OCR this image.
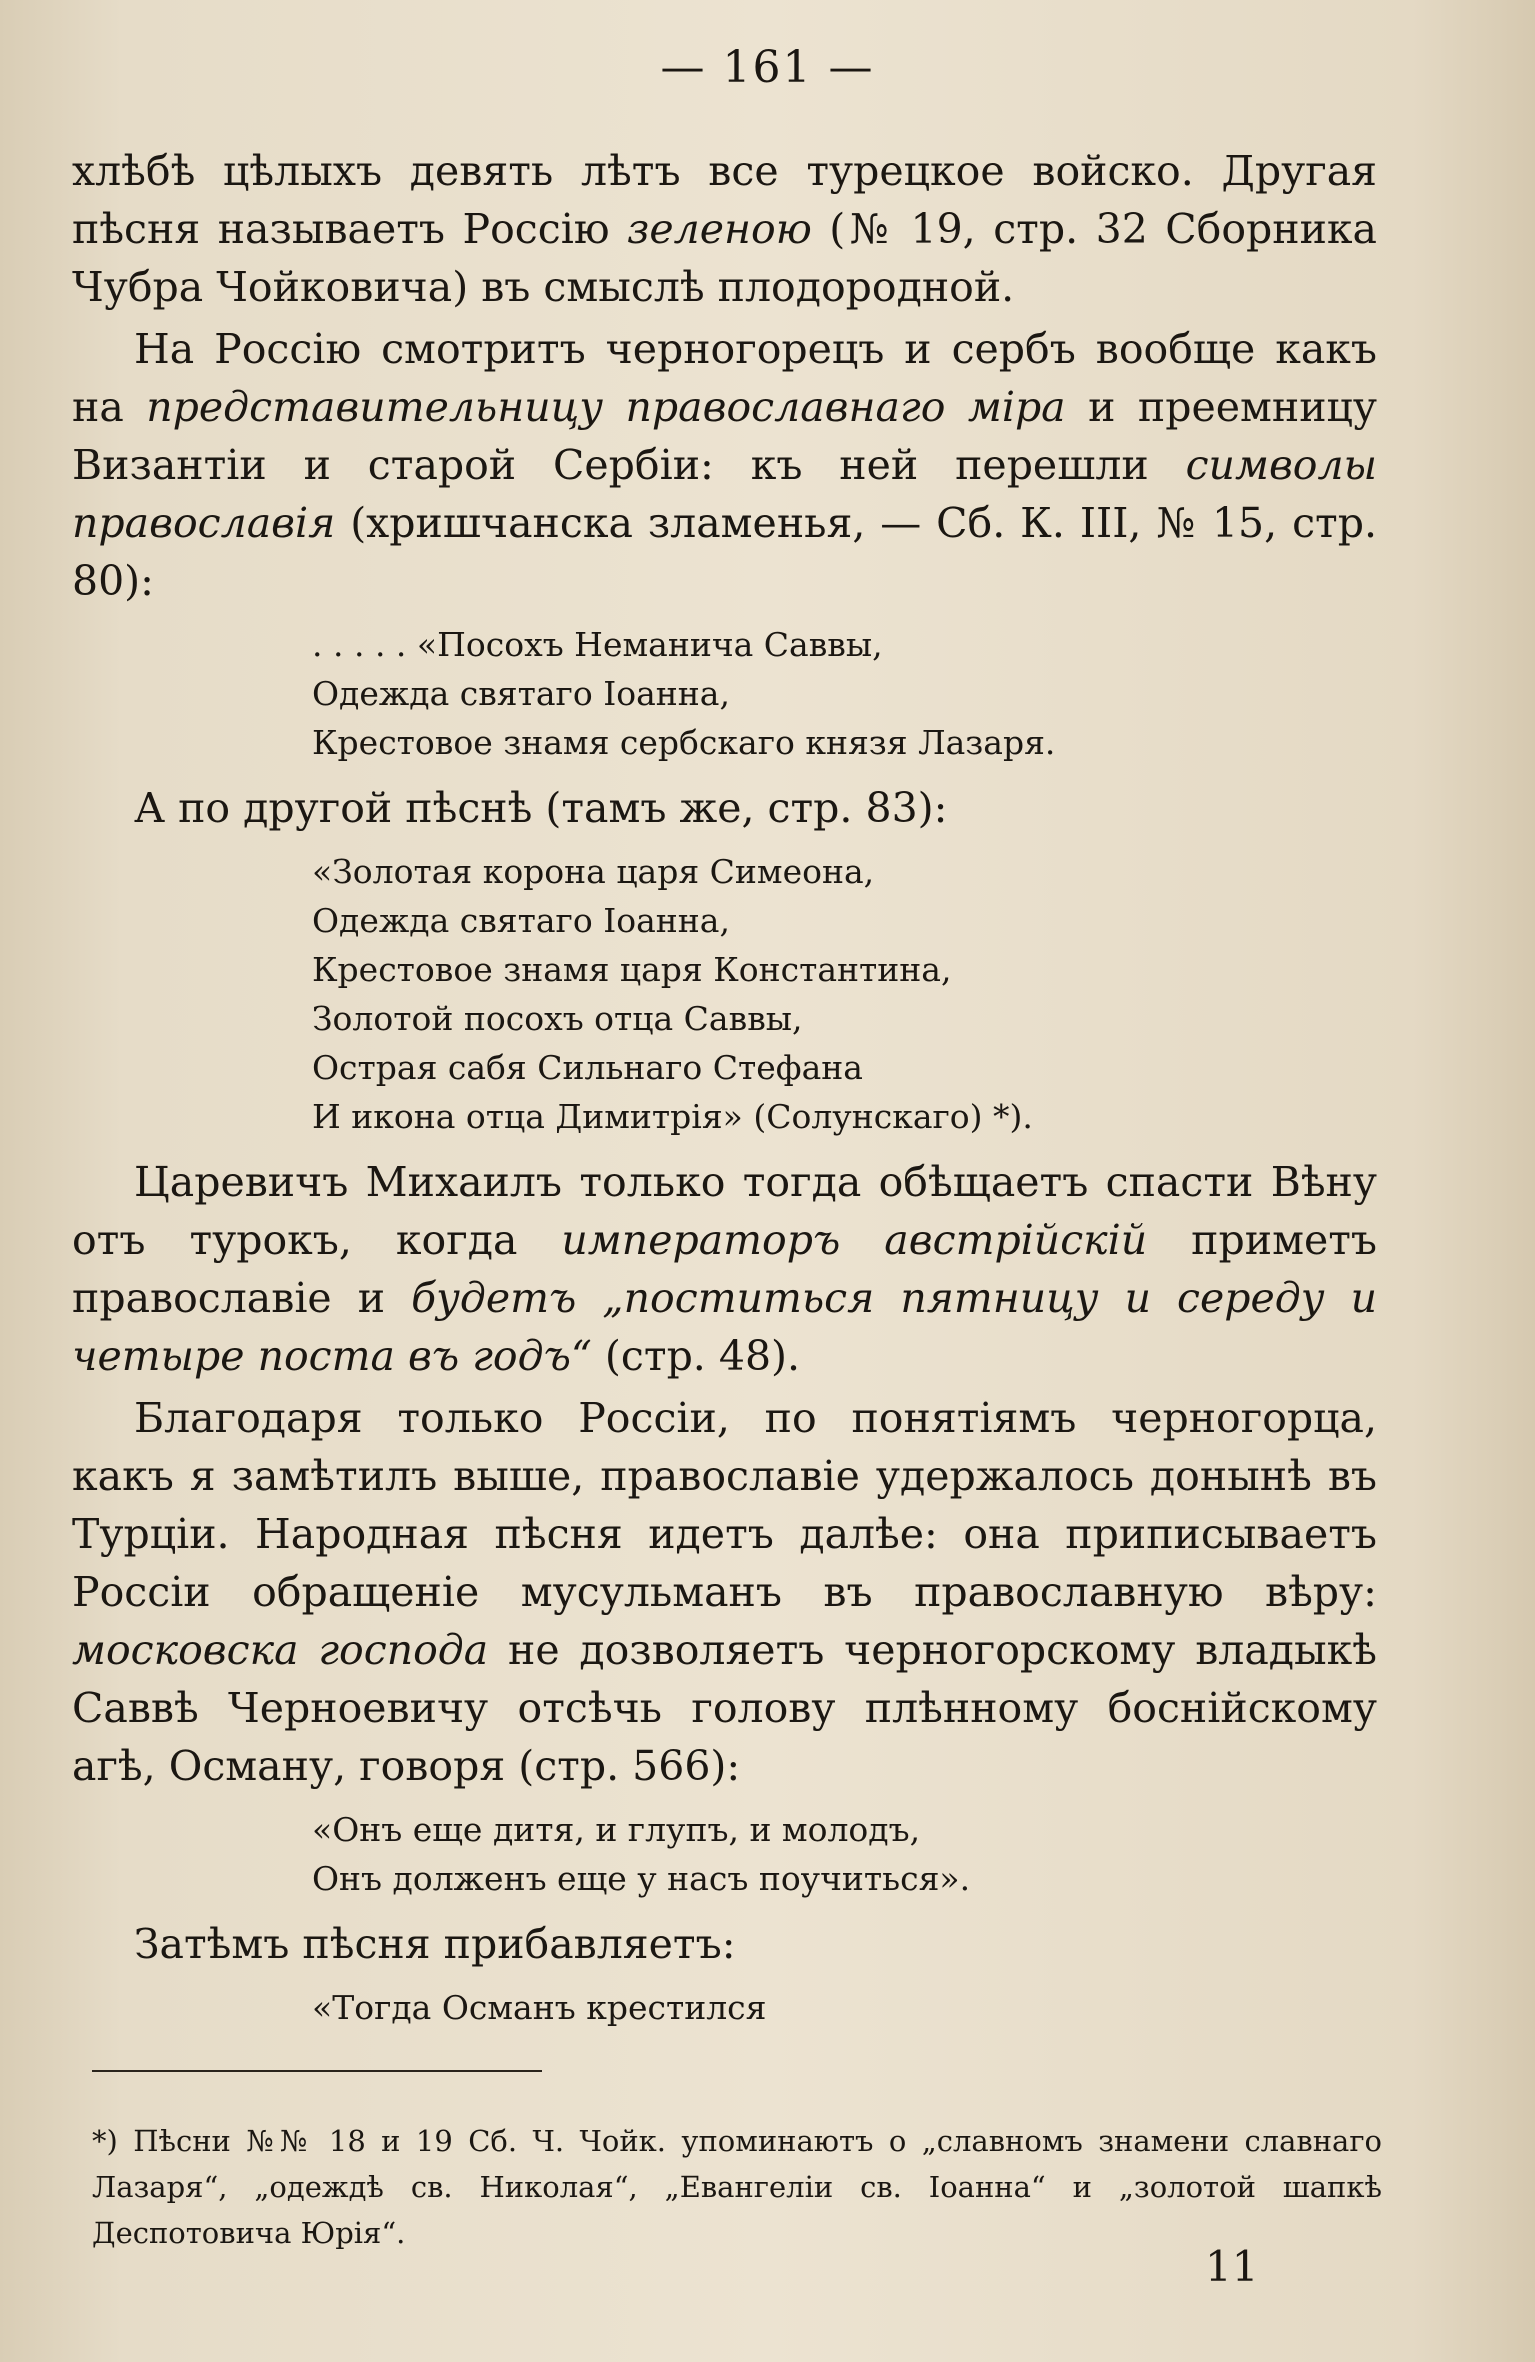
— 161 —

хлѣбѣ цѣлыхъ девять лѣтъ все турецкое войско. Другая пѣсня называетъ Россію зеленою (№ 19, стр. 32 Сборника Чубра Чойковича) въ смыслѣ плодородной.

На Россію смотритъ черногорецъ и сербъ вообще какъ на представительницу православнаго міра и преемницу Византіи и старой Сербіи: къ ней перешли символы православія (хришчанска зламенья, — Сб. К. III, № 15, стр. 80):

. . . . . «Посохъ Неманича Саввы,
Одежда святаго Іоанна,
Крестовое знамя сербскаго князя Лазаря.

А по другой пѣснѣ (тамъ же, стр. 83):

«Золотая корона царя Симеона,
Одежда святаго Іоанна,
Крестовое знамя царя Константина,
Золотой посохъ отца Саввы,
Острая сабя Сильнаго Стефана
И икона отца Димитрія» (Солунскаго) *).

Царевичъ Михаилъ только тогда обѣщаетъ спасти Вѣну отъ турокъ, когда императоръ австрійскій приметъ православіе и будетъ „поститься пятницу и середу и четыре поста въ годъ“ (стр. 48).

Благодаря только Россіи, по понятіямъ черногорца, какъ я замѣтилъ выше, православіе удержалось донынѣ въ Турціи. Народная пѣсня идетъ далѣе: она приписываетъ Россіи обращеніе мусульманъ въ православную вѣру: московска господа не дозволяетъ черногорскому владыкѣ Саввѣ Черноевичу отсѣчь голову плѣнному боснійскому агѣ, Осману, говоря (стр. 566):

«Онъ еще дитя, и глупъ, и молодъ,
Онъ долженъ еще у насъ поучиться».

Затѣмъ пѣсня прибавляетъ:

«Тогда Османъ крестился
*) Пѣсни №№ 18 и 19 Сб. Ч. Чойк. упоминаютъ о „славномъ знамени славнаго Лазаря“, „одеждѣ св. Николая“, „Евангеліи св. Іоанна“ и „золотой шапкѣ Деспотовича Юрія“.
11
